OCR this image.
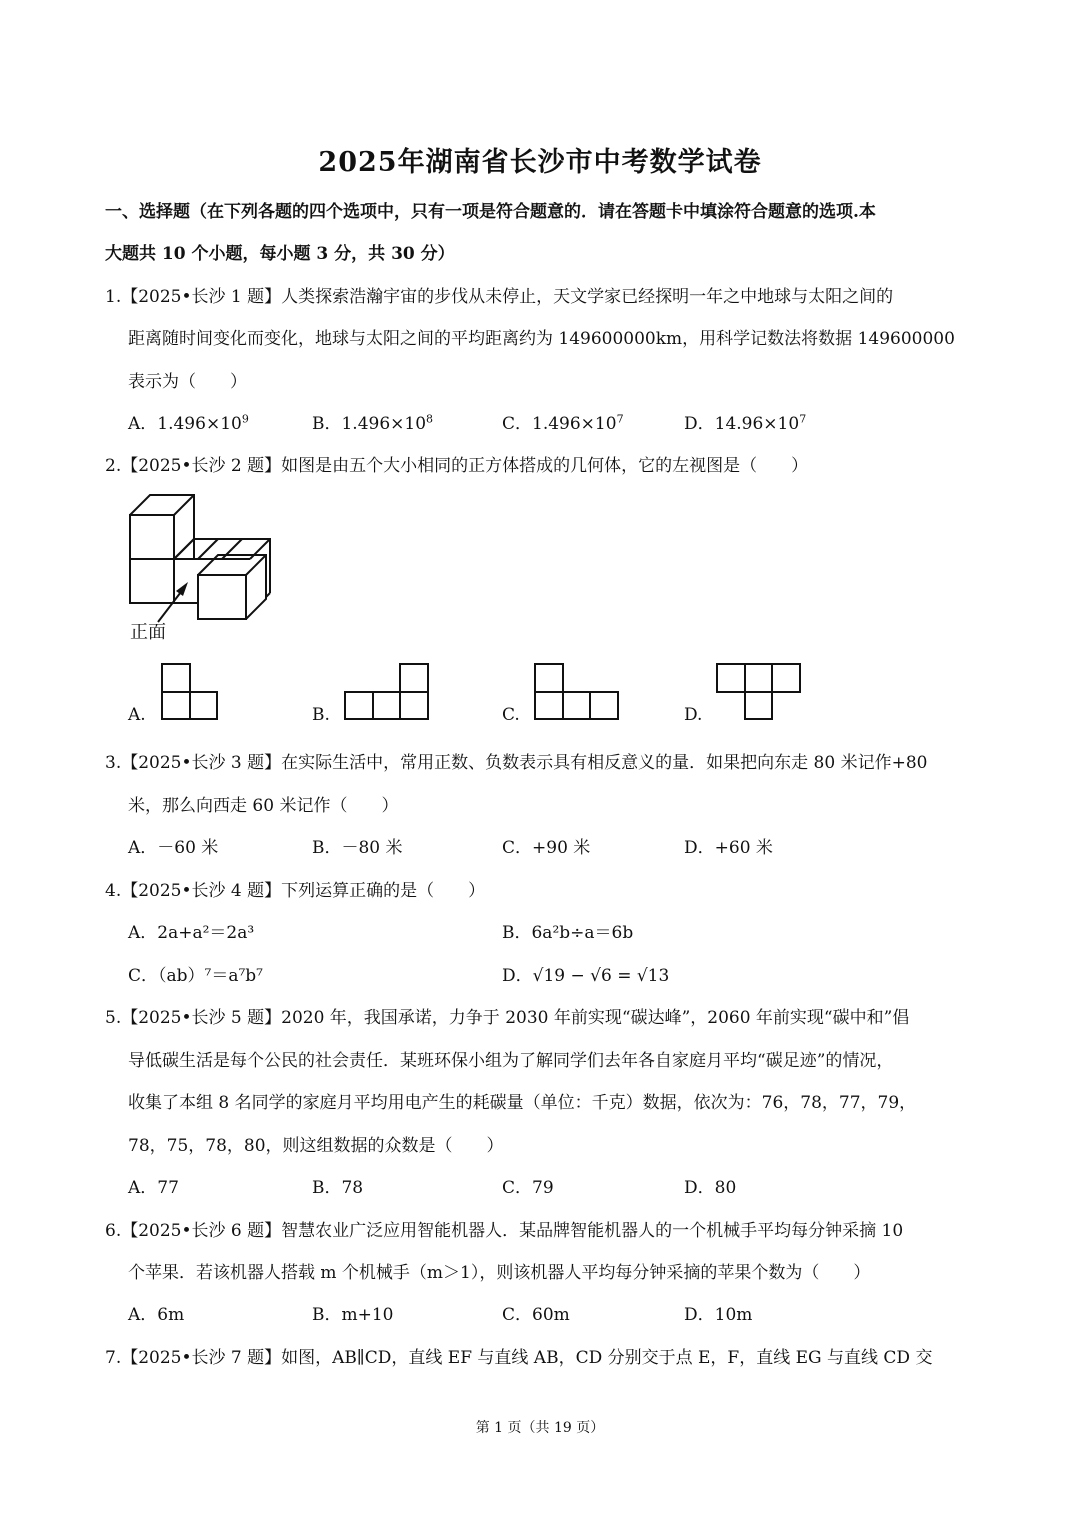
2025年湖南省长沙市中考数学试卷
一、选择题（在下列各题的四个选项中，只有一项是符合题意的．请在答题卡中填涂符合题意的选项.本
大题共 10 个小题，每小题 3 分，共 30 分）
1.【2025•长沙 1 题】人类探索浩瀚宇宙的步伐从未停止，天文学家已经探明一年之中地球与太阳之间的
距离随时间变化而变化，地球与太阳之间的平均距离约为 149600000km，用科学记数法将数据 149600000
表示为（　　）
A．$1.496\times 10^9$	B．$1.496\times 10^8$	C．$1.496\times 10^7$	D．$14.96\times 10^7$
2.【2025•长沙 2 题】如图是由五个大小相同的正方体搭成的几何体，它的左视图是（　　）
正面
A.	B.	C.	D.
3.【2025•长沙 3 题】在实际生活中，常用正数、负数表示具有相反意义的量．如果把向东走 80 米记作+80
米，那么向西走 60 米记作（　　）
A．－60 米	B．－80 米	C．+90 米	D．+60 米
4.【2025•长沙 4 题】下列运算正确的是（　　）
A．2a+a²＝2a³	B．6a²b÷a＝6b
C．（ab）⁷＝a⁷b⁷	D．√19 − √6 = √13
5.【2025•长沙 5 题】2020 年，我国承诺，力争于 2030 年前实现“碳达峰”，2060 年前实现“碳中和”倡
导低碳生活是每个公民的社会责任．某班环保小组为了解同学们去年各自家庭月平均“碳足迹”的情况，
收集了本组 8 名同学的家庭月平均用电产生的耗碳量（单位：千克）数据，依次为：76，78，77，79，
78，75，78，80，则这组数据的众数是（　　）
A．77	B．78	C．79	D．80
6.【2025•长沙 6 题】智慧农业广泛应用智能机器人．某品牌智能机器人的一个机械手平均每分钟采摘 10
个苹果．若该机器人搭载 m 个机械手（m＞1），则该机器人平均每分钟采摘的苹果个数为（　　）
A．6m	B．m+10	C．60m	D．10m
7.【2025•长沙 7 题】如图，AB∥CD，直线 EF 与直线 AB，CD 分别交于点 E，F，直线 EG 与直线 CD 交
第 1 页（共 19 页）
